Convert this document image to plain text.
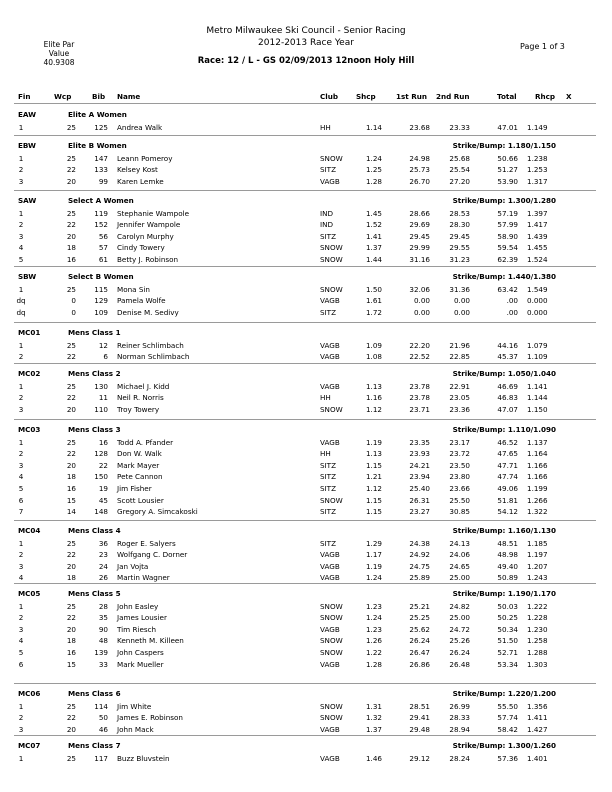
Metro Milwaukee Ski Council - Senior Racing
2012-2013 Race Year
Elite Par
Value
40.9308
Page 1 of 3
Race: 12 / L - GS 02/09/2013 12noon Holy Hill
Fin	Wcp	Bib Name	Club Shcp	1st Run 2nd Run	Total	Rhcp X
EAW	Elite A Women
1	25	125 Andrea Walk	HH	1.14	23.68	23.33	47.01 1.149
EBW	Elite B Women	Strike/Bump: 1.180/1.150
1	25	147 Leann Pomeroy	SNOW	1.24	24.98	25.68	50.66 1.238
2	22	133 Kelsey Kost	SITZ	1.25	25.73	25.54	51.27 1.253
3	20	99 Karen Lemke	VAGB	1.28	26.70	27.20	53.90 1.317
SAW	Select A Women	Strike/Bump: 1.300/1.280
1	25	119 Stephanie Wampole	IND	1.45	28.66	28.53	57.19 1.397
2	22	152 Jennifer Wampole	IND	1.52	29.69	28.30	57.99 1.417
3	20	56 Carolyn Murphy	SITZ	1.41	29.45	29.45	58.90 1.439
4	18	57 Cindy Towery	SNOW	1.37	29.99	29.55	59.54 1.455
5	16	61 Betty J. Robinson	SNOW	1.44	31.16	31.23	62.39 1.524
SBW	Select B Women	Strike/Bump: 1.440/1.380
1	25	115 Mona Sin	SNOW	1.50	32.06	31.36	63.42 1.549
dq	0	129 Pamela Wolfe	VAGB	1.61	0.00	0.00	.00 0.000
dq	0	109 Denise M. Sedivy	SITZ	1.72	0.00	0.00	.00 0.000
MC01	Mens Class 1
1	25	12 Reiner Schlimbach	VAGB	1.09	22.20	21.96	44.16 1.079
2	22	6 Norman Schlimbach	VAGB	1.08	22.52	22.85	45.37 1.109
MC02	Mens Class 2	Strike/Bump: 1.050/1.040
1	25	130 Michael J. Kidd	VAGB	1.13	23.78	22.91	46.69 1.141
2	22	11 Neil R. Norris	HH	1.16	23.78	23.05	46.83 1.144
3	20	110 Troy Towery	SNOW	1.12	23.71	23.36	47.07 1.150
MC03	Mens Class 3	Strike/Bump: 1.110/1.090
1	25	16 Todd A. Pfander	VAGB	1.19	23.35	23.17	46.52 1.137
2	22	128 Don W. Walk	HH	1.13	23.93	23.72	47.65 1.164
3	20	22 Mark Mayer	SITZ	1.15	24.21	23.50	47.71 1.166
4	18	150 Pete Cannon	SITZ	1.21	23.94	23.80	47.74 1.166
5	16	19 Jim Fisher	SITZ	1.12	25.40	23.66	49.06 1.199
6	15	45 Scott Lousier	SNOW	1.15	26.31	25.50	51.81 1.266
7	14	148 Gregory A. Simcakoski	SITZ	1.15	23.27	30.85	54.12 1.322
MC04	Mens Class 4	Strike/Bump: 1.160/1.130
1	25	36 Roger E. Salyers	SITZ	1.29	24.38	24.13	48.51 1.185
2	22	23 Wolfgang C. Dorner	VAGB	1.17	24.92	24.06	48.98 1.197
3	20	24 Jan Vojta	VAGB	1.19	24.75	24.65	49.40 1.207
4	18	26 Martin Wagner	VAGB	1.24	25.89	25.00	50.89 1.243
MC05	Mens Class 5	Strike/Bump: 1.190/1.170
1	25	28 John Easley	SNOW	1.23	25.21	24.82	50.03 1.222
2	22	35 James Lousier	SNOW	1.24	25.25	25.00	50.25 1.228
3	20	90 Tim Riesch	VAGB	1.23	25.62	24.72	50.34 1.230
4	18	48 Kenneth M. Killeen	SNOW	1.26	26.24	25.26	51.50 1.258
5	16	139 John Caspers	SNOW	1.22	26.47	26.24	52.71 1.288
6	15	33 Mark Mueller	VAGB	1.28	26.86	26.48	53.34 1.303
MC06	Mens Class 6	Strike/Bump: 1.220/1.200
1	25	114 Jim White	SNOW	1.31	28.51	26.99	55.50 1.356
2	22	50 James E. Robinson	SNOW	1.32	29.41	28.33	57.74 1.411
3	20	46 John Mack	VAGB	1.37	29.48	28.94	58.42 1.427
MC07	Mens Class 7	Strike/Bump: 1.300/1.260
1	25	117 Buzz Bluvstein	VAGB	1.46	29.12	28.24	57.36 1.401
